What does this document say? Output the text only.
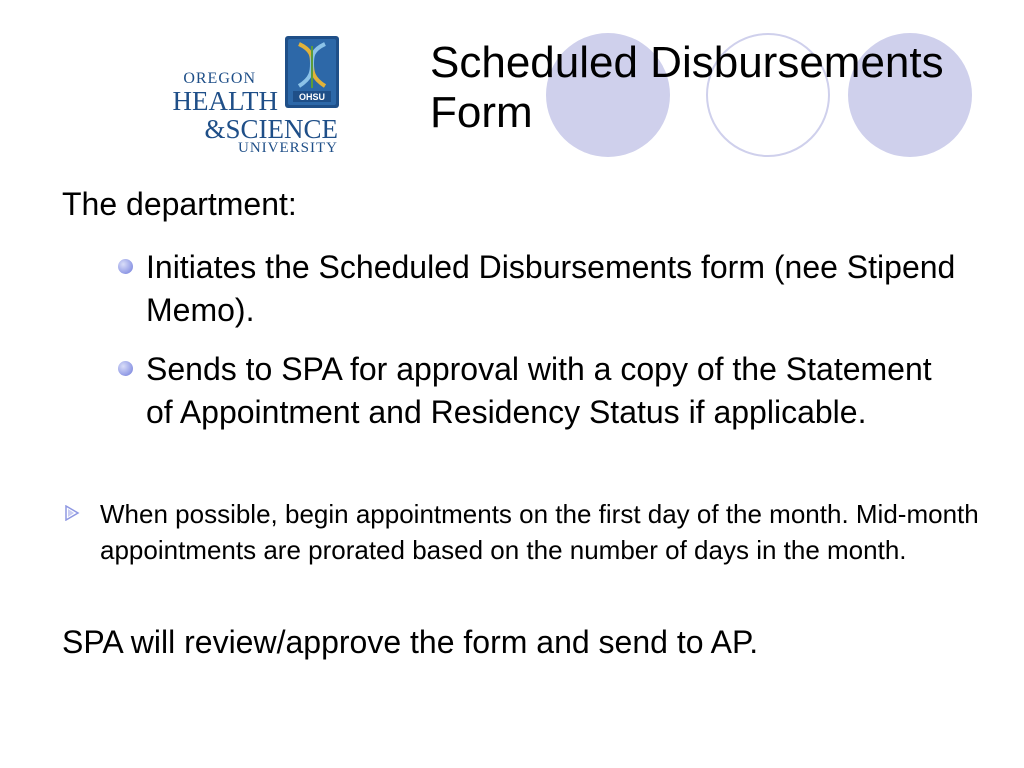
OHSU
OREGON
HEALTH
&SCIENCE
UNIVERSITY
Scheduled Disbursements Form
The department:
Initiates the Scheduled Disbursements form (nee Stipend Memo).
Sends to SPA for approval with a copy of the Statement of Appointment and Residency Status if applicable.
When possible, begin appointments on the first day of the month. Mid-month appointments are prorated based on the number of days in the month.
SPA will review/approve the form and send to AP.
